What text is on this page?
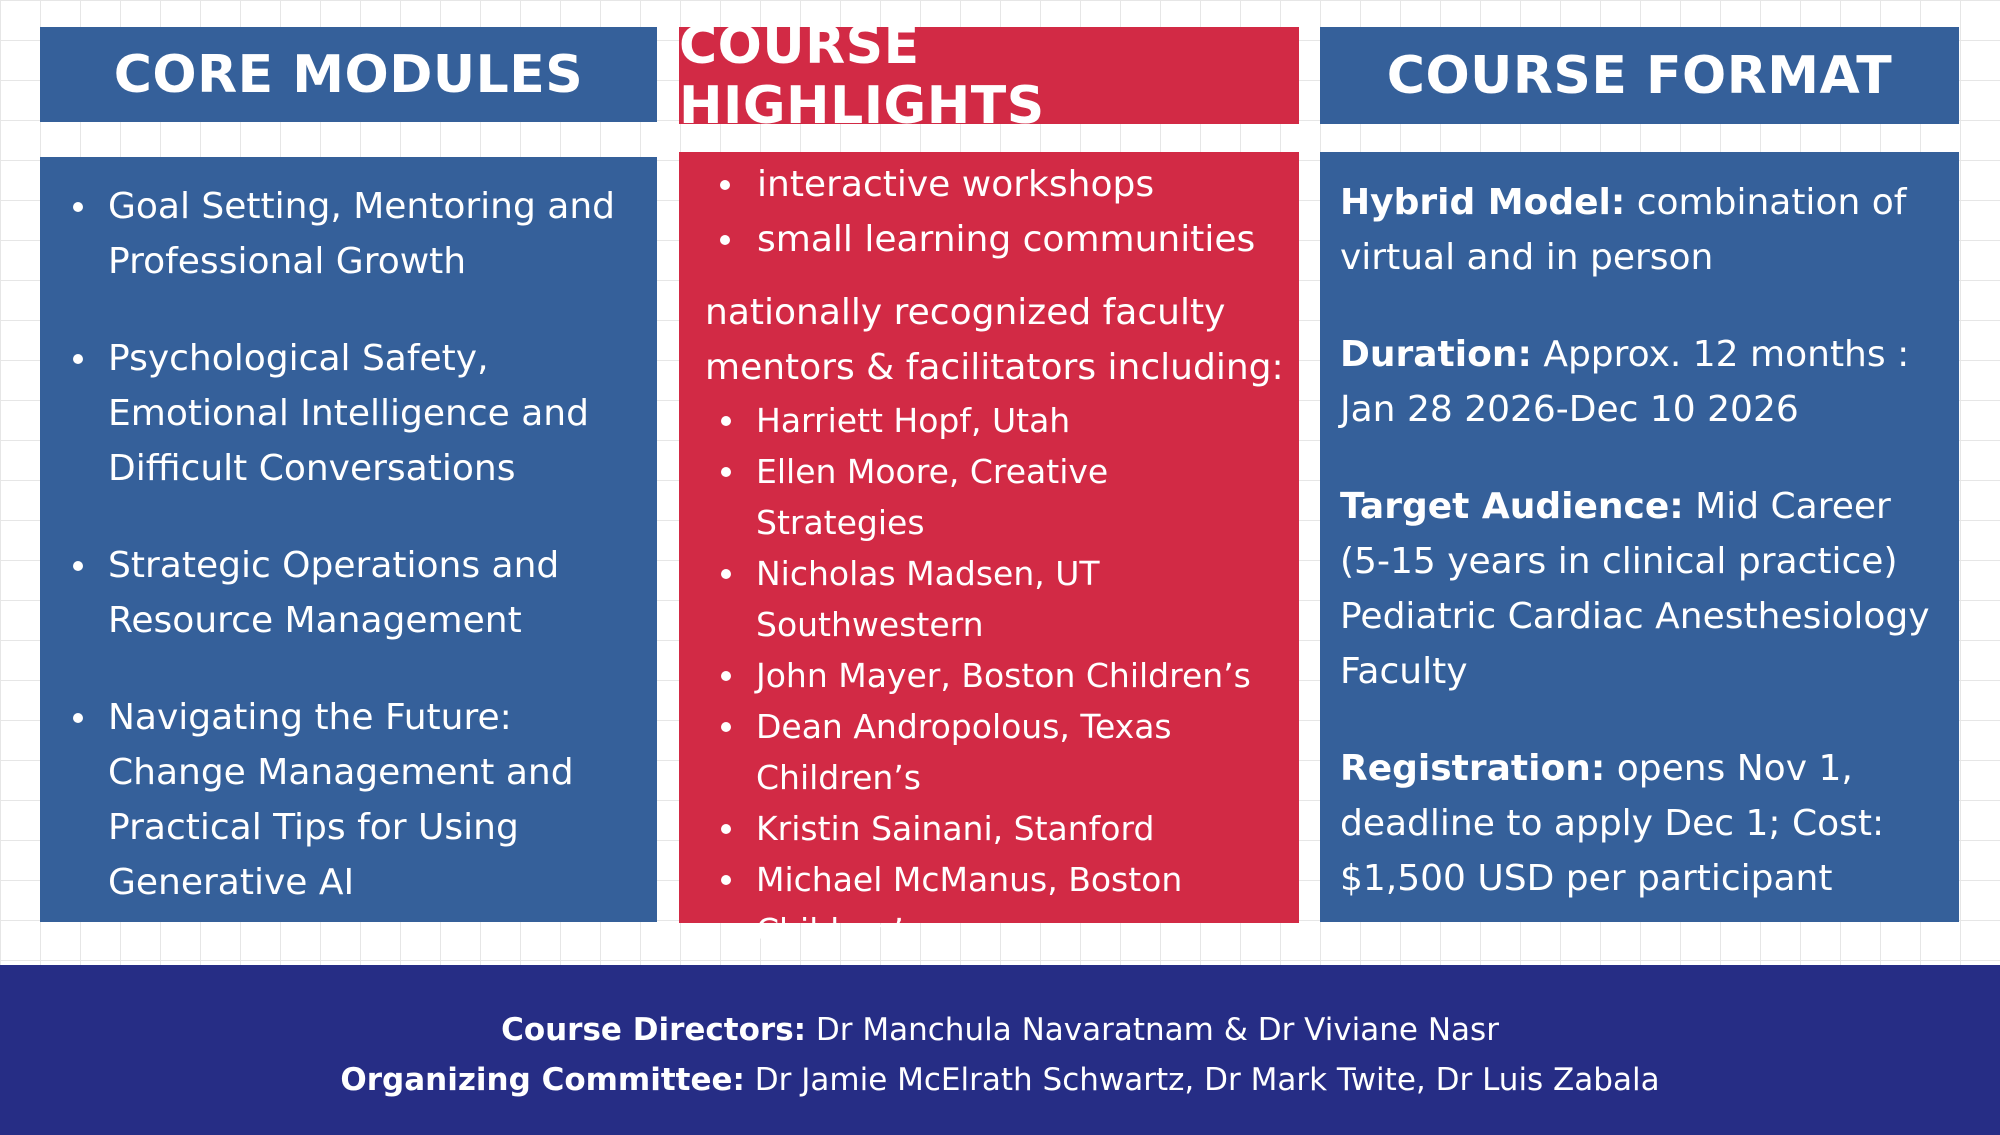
CORE MODULES COURSE HIGHLIGHTS	COURSE FORMAT
Goal Setting, Mentoring and Professional Growth
Psychological Safety, Emotional Intelligence and Difficult Conversations
Strategic Operations and Resource Management
Navigating the Future: Change Management and Practical Tips for Using Generative AI
interactive workshops
small learning communities

nationally recognized faculty mentors & facilitators including:

Harriett Hopf, Utah
Ellen Moore, Creative Strategies
Nicholas Madsen, UT Southwestern
John Mayer, Boston Children’s
Dean Andropolous, Texas Children’s
Kristin Sainani, Stanford
Michael McManus, Boston Children’s

Hybrid Model: combination of virtual and in person

Duration: Approx. 12 months : Jan 28 2026-Dec 10 2026

Target Audience: Mid Career (5-15 years in clinical practice) Pediatric Cardiac Anesthesiology Faculty

Registration: opens Nov 1, deadline to apply Dec 1; Cost: $1,500 USD per participant

Course Directors: Dr Manchula Navaratnam & Dr Viviane Nasr
Organizing Committee: Dr Jamie McElrath Schwartz, Dr Mark Twite, Dr Luis Zabala
